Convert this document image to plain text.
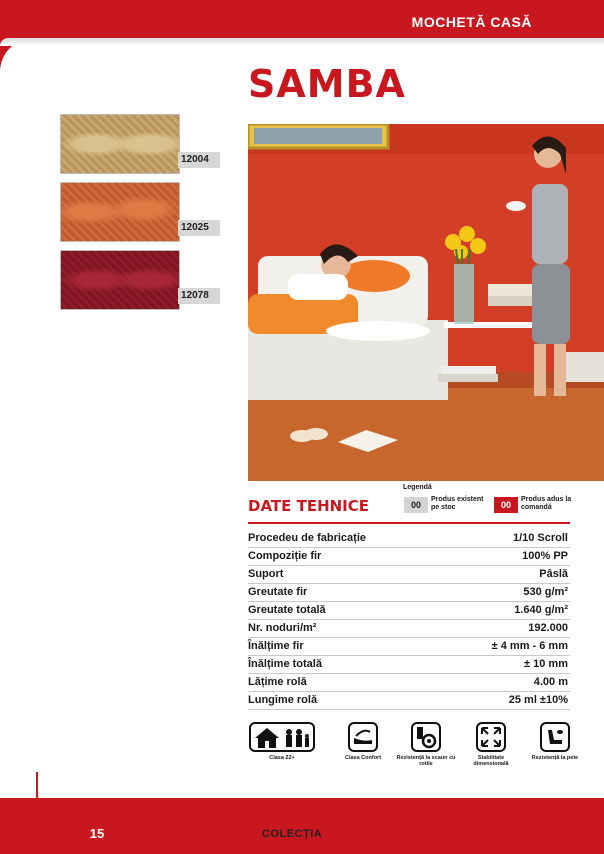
MOCHETĂ CASĂ
SAMBA
12004
12025
12078
Legendă
00
Produs existent pe stoc	00
Produs adus la comandă
DATE TEHNICE
Procedeu de fabricație	1/10 Scroll
Compoziție fir	100% PP
Suport	Pâslă
Greutate fir	530 g/m²
Greutate totală	1.640 g/m²
Nr. noduri/m²	192.000
Înălțime fir	± 4 mm - 6 mm
Înălțime totală	± 10 mm
Lățime rolă	4.00 m
Lungime rolă	25 ml ±10%
Clasa 22+	Clasa Confort	Rezistență la scaun cu rotile
Stabilitate dimensională
Rezistență la pete
15	COLECȚIA 2016-2017
